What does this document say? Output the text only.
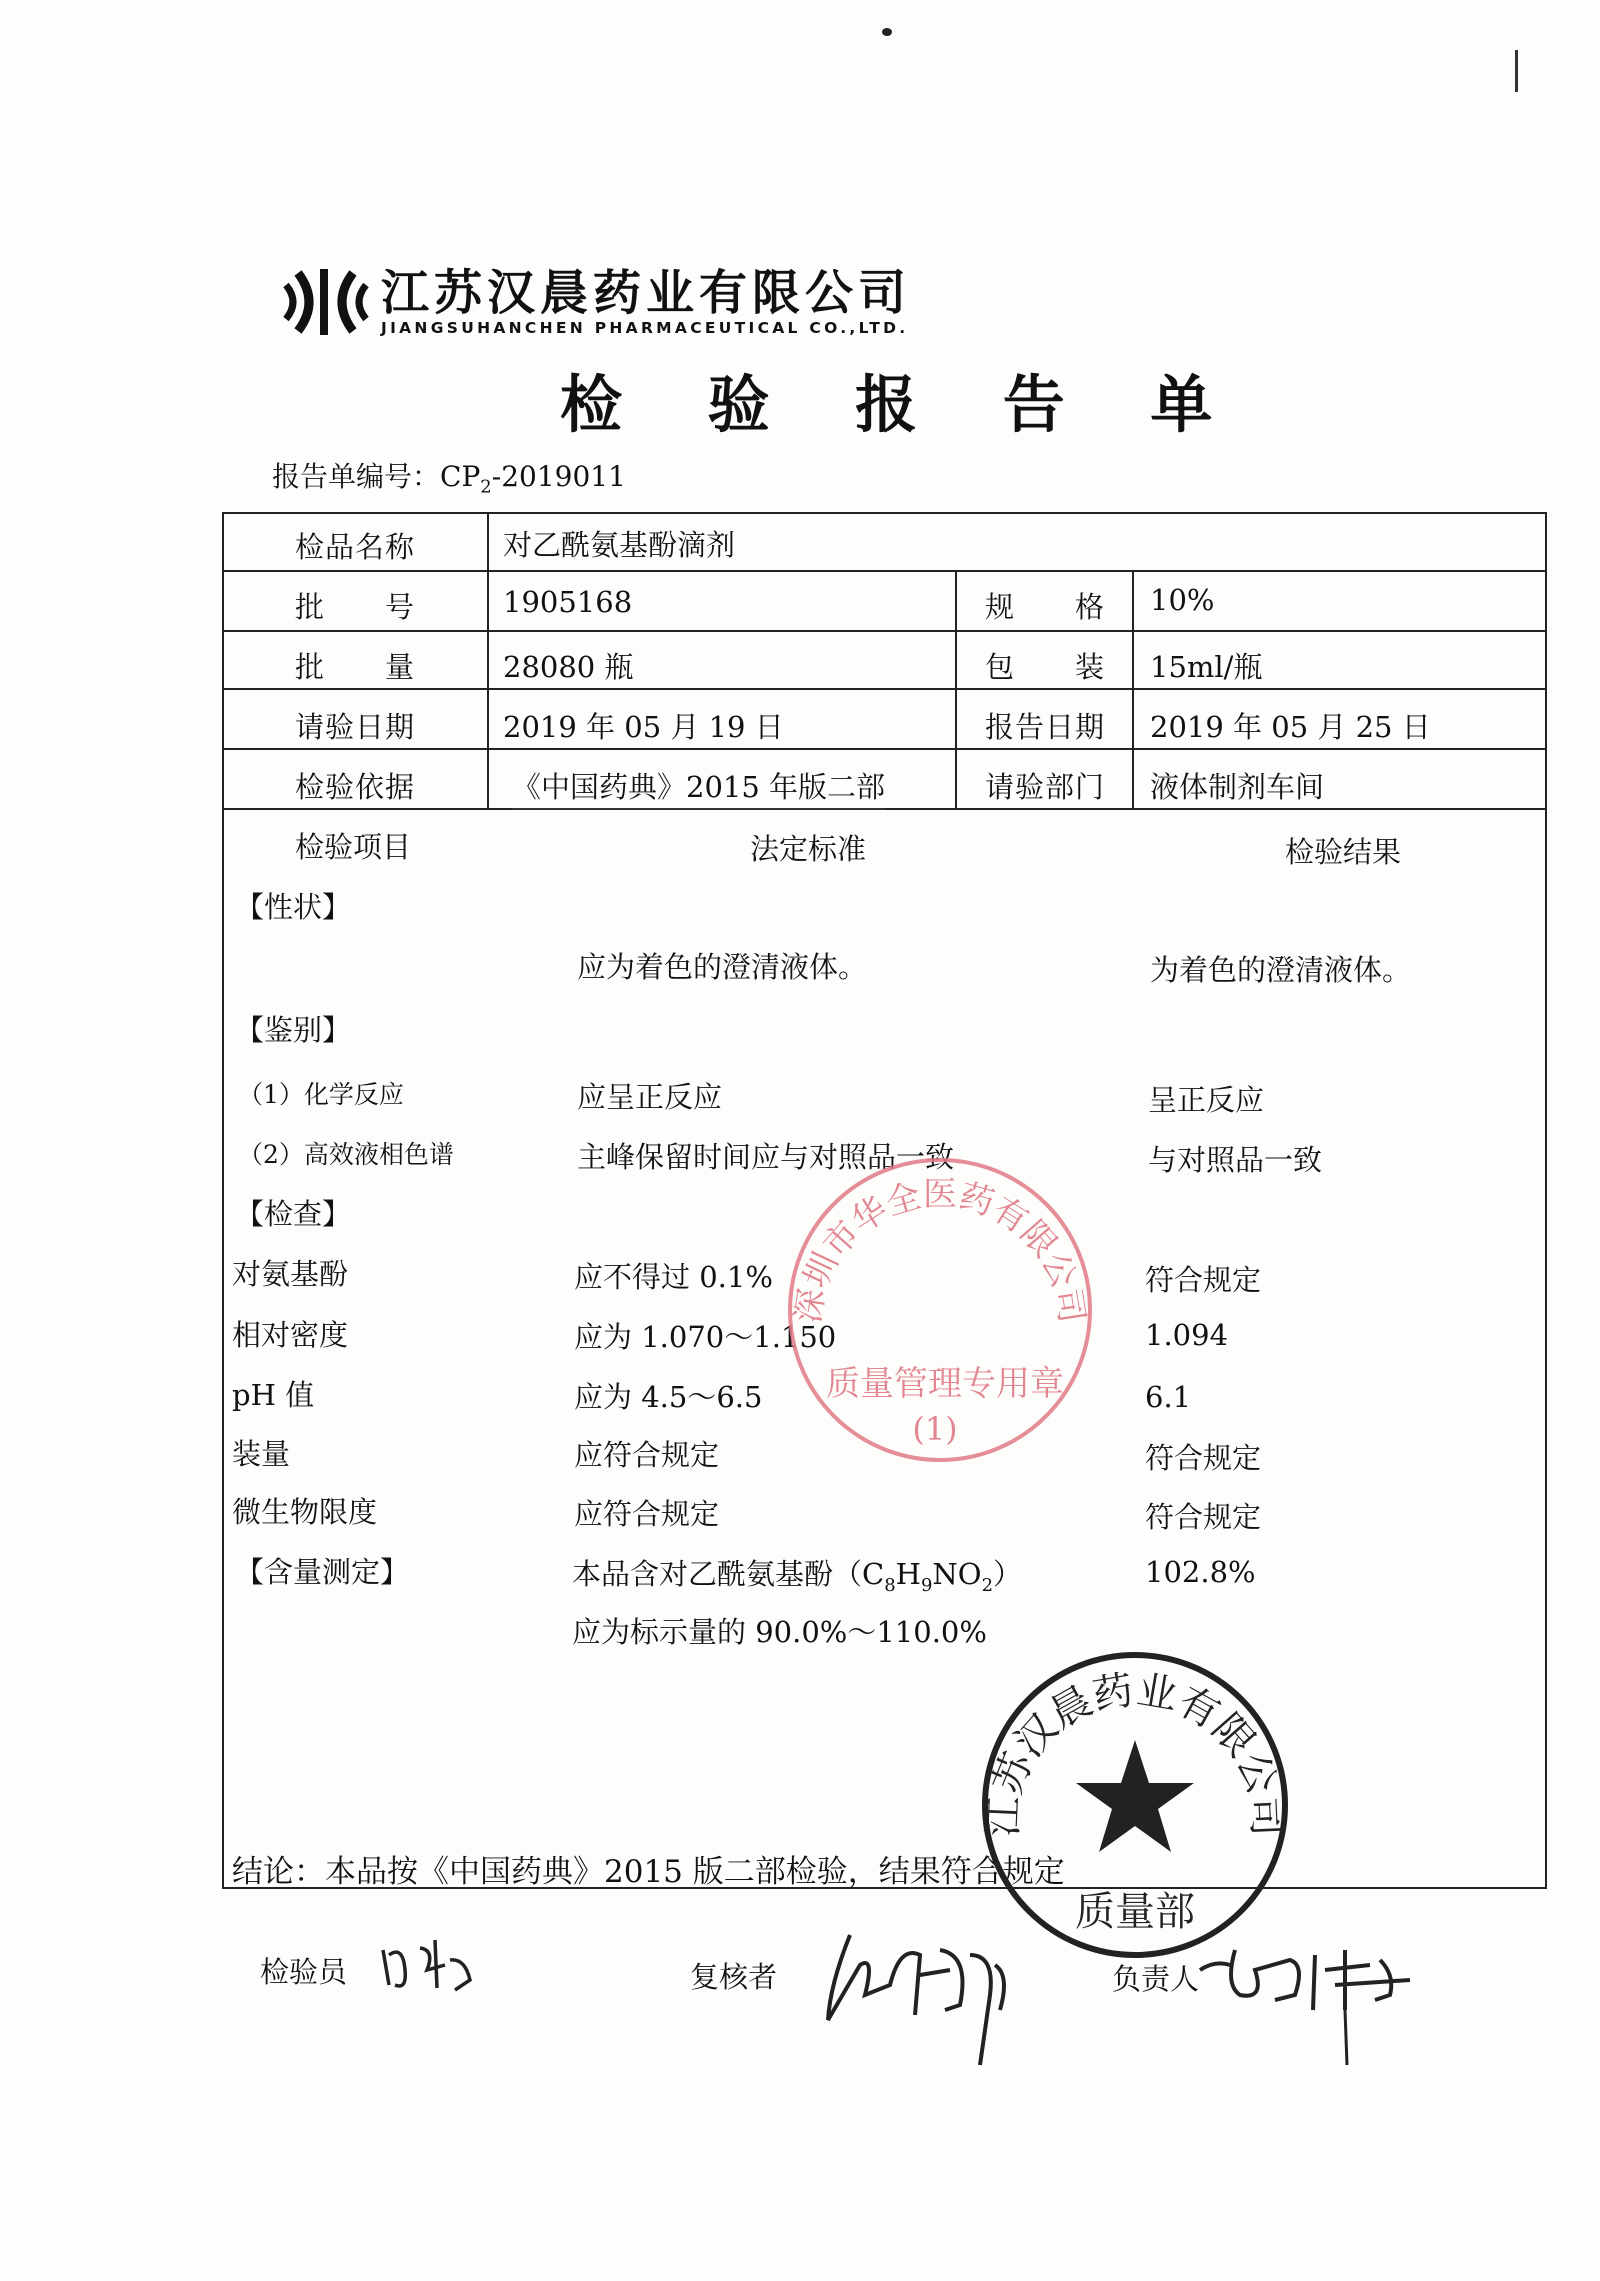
江苏汉晨药业有限公司
JIANGSUHANCHEN PHARMACEUTICAL CO.,LTD.
检 验 报 告 单
报告单编号：$CP_2-2019011$
检品名称	对乙酰氨基酚滴剂
批　　号	1905168	规　　格 10%
批　　量	28080 瓶	包　　装 15ml/瓶
请验日期	2019 年 05 月 19 日	报告日期 2019 年 05 月 25 日
检验依据	《中国药典》2015 年版二部	请验部门 液体制剂车间
检验项目	法定标准	检验结果
【性状】
应为着色的澄清液体。	为着色的澄清液体。
【鉴别】
（1）化学反应	应呈正反应	呈正反应
（2）高效液相色谱	主峰保留时间应与对照品一致	与对照品一致
【检查】
对氨基酚	应不得过 0.1%	符合规定
相对密度	应为 1.070～1.150	1.094
pH 值	应为 4.5～6.5	6.1
装量	应符合规定	符合规定
微生物限度	应符合规定	符合规定
【含量测定】	本品含对乙酰氨基酚$(C_8H_9NO_2)$	102.8%
应为标示量的 90.0%～110.0%
结论：本品按《中国药典》2015 版二部检验，结果符合规定
深圳市华全医药有限公司
质量管理专用章
(1)
江苏汉晨药业有限公司
质量部
检验员	复核者	负责人
